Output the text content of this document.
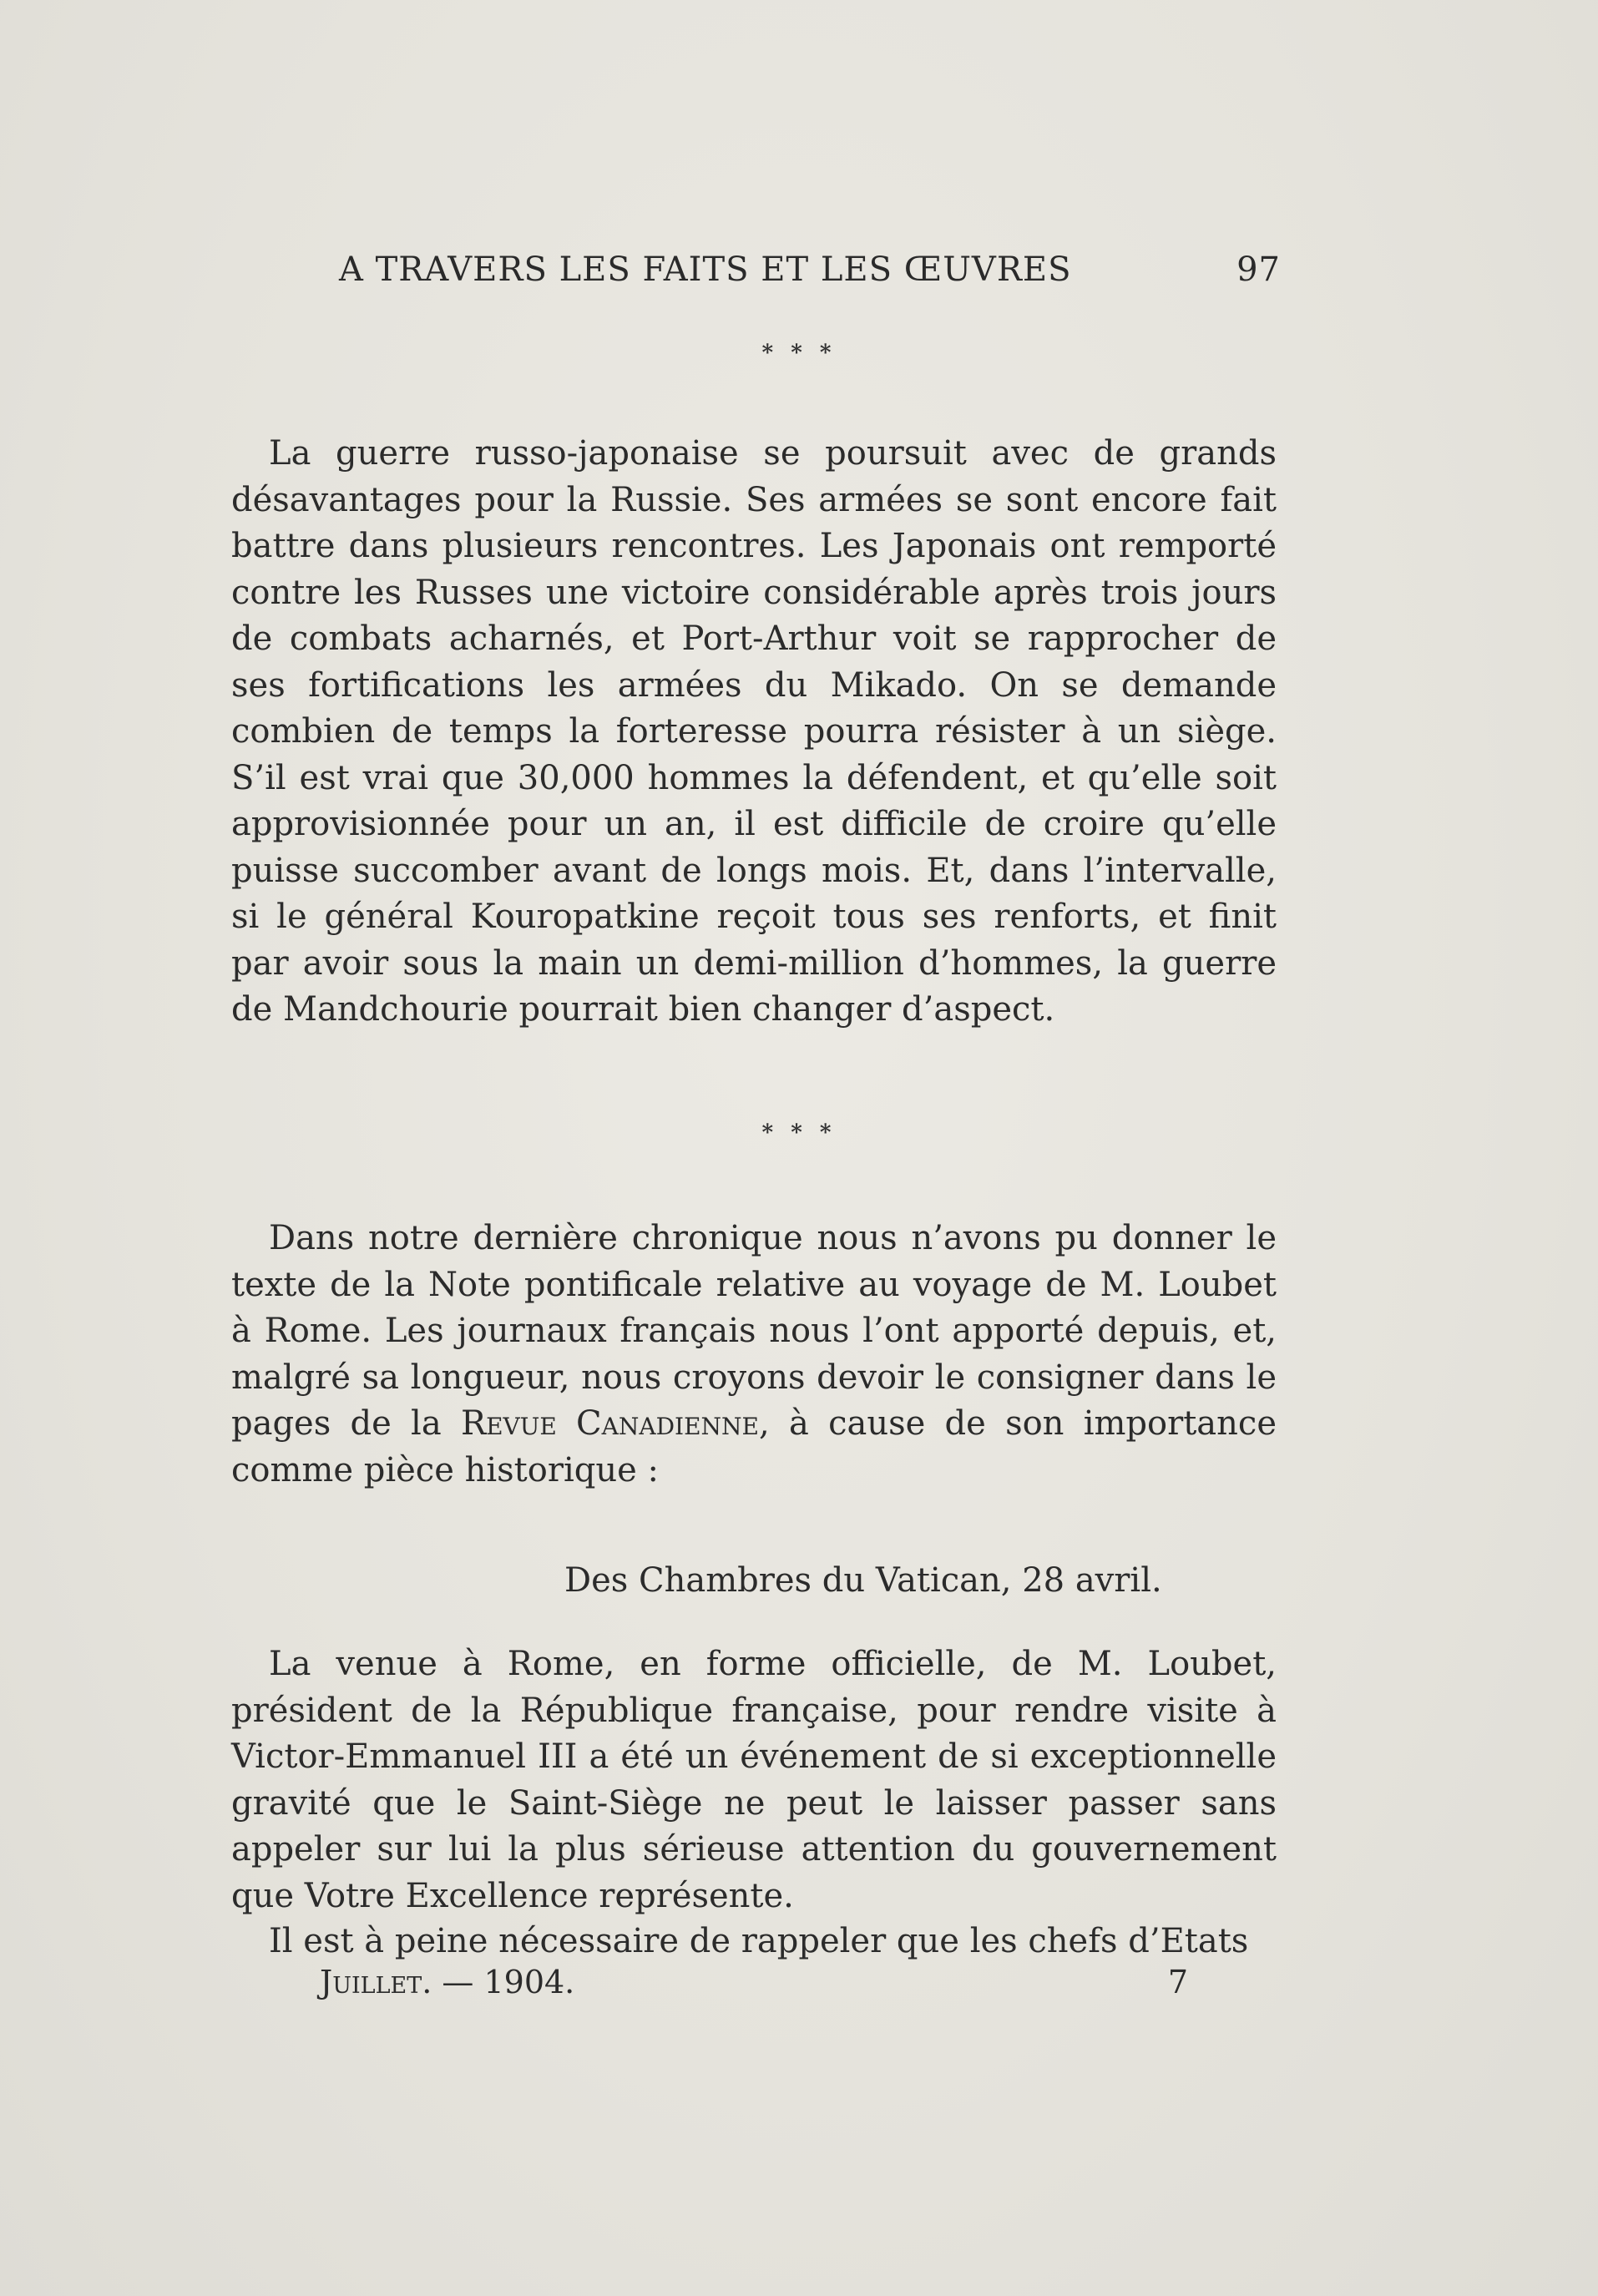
A TRAVERS LES FAITS ET LES ŒUVRES	97
* * *

La guerre russo-japonaise se poursuit avec de grands désavantages pour la Russie. Ses armées se sont encore fait battre dans plusieurs rencontres. Les Japonais ont remporté contre les Russes une victoire considérable après trois jours de combats acharnés, et Port-Arthur voit se rapprocher de ses fortifications les armées du Mikado. On se demande combien de temps la forteresse pourra résister à un siège. S’il est vrai que 30,000 hommes la défendent, et qu’elle soit approvisionnée pour un an, il est difficile de croire qu’elle puisse succomber avant de longs mois. Et, dans l’intervalle, si le général Kouropatkine reçoit tous ses renforts, et finit par avoir sous la main un demi-million d’hommes, la guerre de Mandchourie pourrait bien changer d’aspect.

* * *

Dans notre dernière chronique nous n’avons pu donner le texte de la Note pontificale relative au voyage de M. Loubet à Rome. Les journaux français nous l’ont apporté depuis, et, malgré sa longueur, nous croyons devoir le consigner dans le pages de la Revue Canadienne, à cause de son importance comme pièce historique :

Des Chambres du Vatican, 28 avril.

La venue à Rome, en forme officielle, de M. Loubet, président de la République française, pour rendre visite à Victor-Emmanuel III a été un événement de si exceptionnelle gravité que le Saint-Siège ne peut le laisser passer sans appeler sur lui la plus sérieuse attention du gouvernement que Votre Excellence représente.

Il est à peine nécessaire de rappeler que les chefs d’Etats

Juillet. — 1904.	7
